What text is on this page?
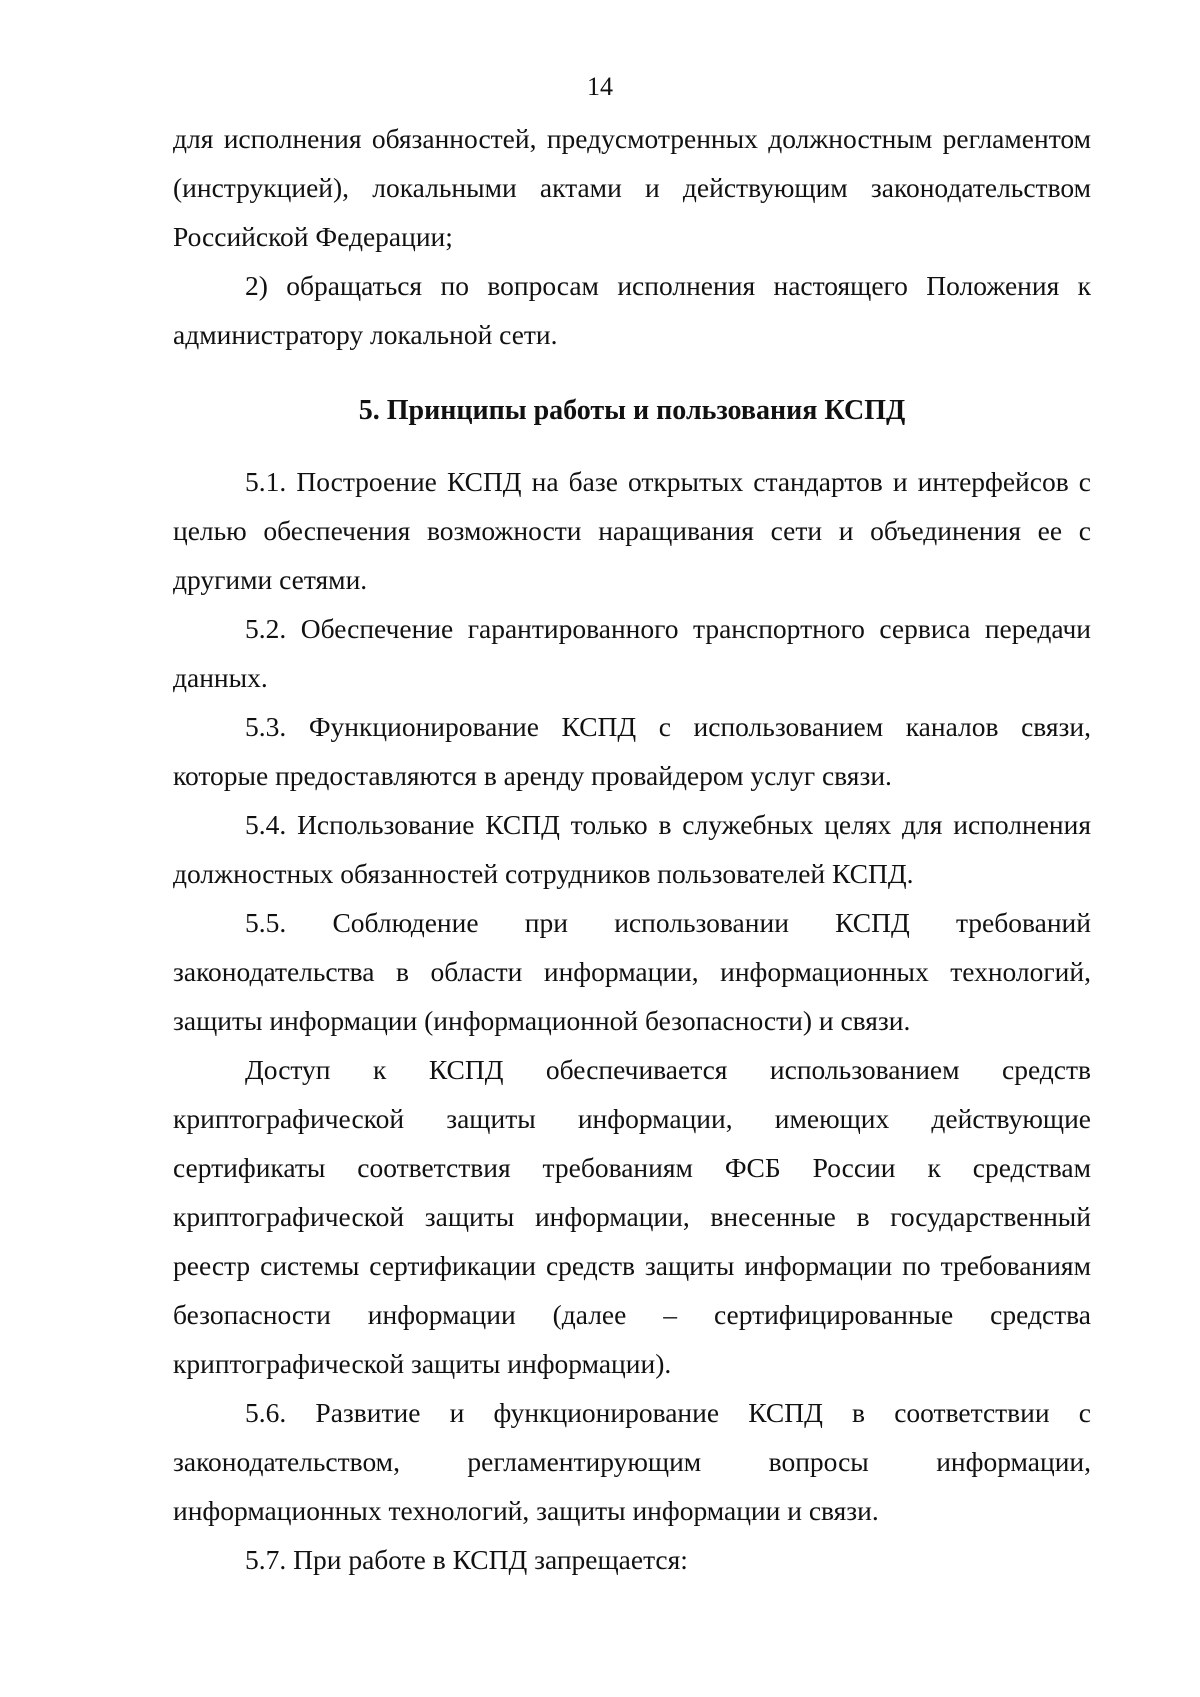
14

для исполнения обязанностей, предусмотренных должностным регламентом (инструкцией), локальными актами и действующим законодательством Российской Федерации;

2) обращаться по вопросам исполнения настоящего Положения к администратору локальной сети.

5. Принципы работы и пользования КСПД

5.1. Построение КСПД на базе открытых стандартов и интерфейсов с целью обеспечения возможности наращивания сети и объединения ее с другими сетями.

5.2. Обеспечение гарантированного транспортного сервиса передачи данных.

5.3. Функционирование КСПД с использованием каналов связи, которые предоставляются в аренду провайдером услуг связи.

5.4. Использование КСПД только в служебных целях для исполнения должностных обязанностей сотрудников пользователей КСПД.

5.5. Соблюдение при использовании КСПД требований законодательства в области информации, информационных технологий, защиты информации (информационной безопасности) и связи.

Доступ к КСПД обеспечивается использованием средств криптографической защиты информации, имеющих действующие сертификаты соответствия требованиям ФСБ России к средствам криптографической защиты информации, внесенные в государственный реестр системы сертификации средств защиты информации по требованиям безопасности информации (далее – сертифицированные средства криптографической защиты информации).

5.6. Развитие и функционирование КСПД в соответствии с законодательством, регламентирующим вопросы информации, информационных технологий, защиты информации и связи.

5.7. При работе в КСПД запрещается:
